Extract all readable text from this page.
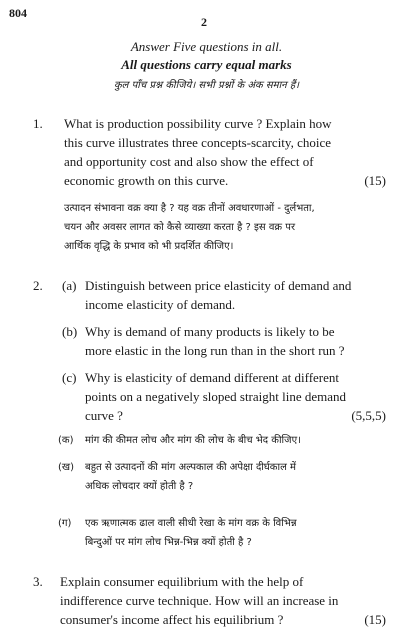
804
2
Answer Five questions in all.
All questions carry equal marks
कुल पाँच प्रश्न कीजिये। सभी प्रश्नों के अंक समान हैं।
1. What is production possibility curve ? Explain how
this curve illustrates three concepts-scarcity, choice
and opportunity cost and also show the effect of
economic growth on this curve.	(15)
उत्पादन संभावना वक्र क्या है ? यह वक्र तीनों अवधारणाओं - दुर्लभता,
चयन और अवसर लागत को कैसे व्याख्या करता है ? इस वक्र पर
आर्थिक वृद्धि के प्रभाव को भी प्रदर्शित कीजिए।
2. (a) Distinguish between price elasticity of demand and
income elasticity of demand.
(b) Why is demand of many products is likely to be
more elastic in the long run than in the short run ?
(c) Why is elasticity of demand different at different
points on a negatively sloped straight line demand
curve ?	(5,5,5)
(क) मांग की कीमत लोच और मांग की लोच के बीच भेद कीजिए।
(ख) बहुत से उत्पादनों की मांग अल्पकाल की अपेक्षा दीर्घकाल में
अधिक लोचदार क्यों होती है ?
(ग) एक ऋणात्मक ढाल वाली सीधी रेखा के मांग वक्र के विभिन्न
बिन्दुओं पर मांग लोच भिन्न-भिन्न क्यों होती है ?
3. Explain consumer equilibrium with the help of
indifference curve technique. How will an increase in
consumer's income affect his equilibrium ?	(15)
